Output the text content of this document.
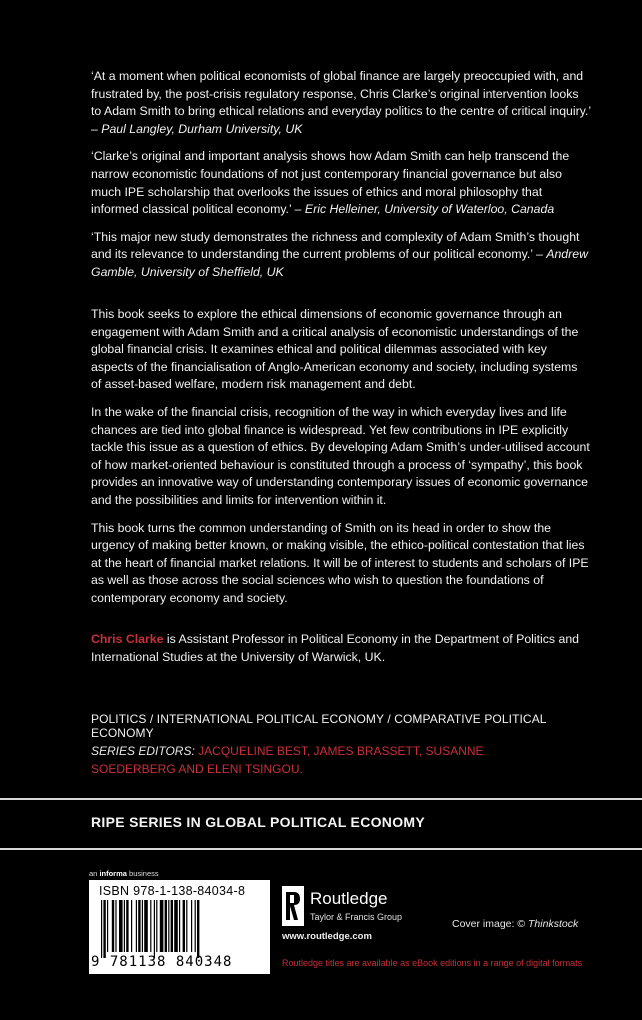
‘At a moment when political economists of global finance are largely preoccupied with, and frustrated by, the post-crisis regulatory response, Chris Clarke’s original intervention looks to Adam Smith to bring ethical relations and everyday politics to the centre of critical inquiry.’ – Paul Langley, Durham University, UK

‘Clarke’s original and important analysis shows how Adam Smith can help transcend the narrow economistic foundations of not just contemporary financial governance but also much IPE scholarship that overlooks the issues of ethics and moral philosophy that informed classical political economy.’ – Eric Helleiner, University of Waterloo, Canada

‘This major new study demonstrates the richness and complexity of Adam Smith’s thought and its relevance to understanding the current problems of our political economy.’ – Andrew Gamble, University of Sheffield, UK

This book seeks to explore the ethical dimensions of economic governance through an engagement with Adam Smith and a critical analysis of economistic understandings of the global financial crisis. It examines ethical and political dilemmas associated with key aspects of the financialisation of Anglo-American economy and society, including systems of asset-based welfare, modern risk management and debt.

In the wake of the financial crisis, recognition of the way in which everyday lives and life chances are tied into global finance is widespread. Yet few contributions in IPE explicitly tackle this issue as a question of ethics. By developing Adam Smith’s under-utilised account of how market-oriented behaviour is constituted through a process of ‘sympathy’, this book provides an innovative way of understanding contemporary issues of economic governance and the possibilities and limits for intervention within it.

This book turns the common understanding of Smith on its head in order to show the urgency of making better known, or making visible, the ethico-political contestation that lies at the heart of financial market relations. It will be of interest to students and scholars of IPE as well as those across the social sciences who wish to question the foundations of contemporary economy and society.

Chris Clarke is Assistant Professor in Political Economy in the Department of Politics and International Studies at the University of Warwick, UK.

POLITICS / INTERNATIONAL POLITICAL ECONOMY / COMPARATIVE POLITICAL ECONOMY

SERIES EDITORS: JACQUELINE BEST, JAMES BRASSETT, SUSANNE SOEDERBERG AND ELENI TSINGOU.

RIPE SERIES IN GLOBAL POLITICAL ECONOMY

an informa business

ISBN 978-1-138-84034-8
9 781138 840348
Routledge
Taylor & Francis Group
www.routledge.com

Cover image: © Thinkstock

Routledge titles are available as eBook editions in a range of digital formats
